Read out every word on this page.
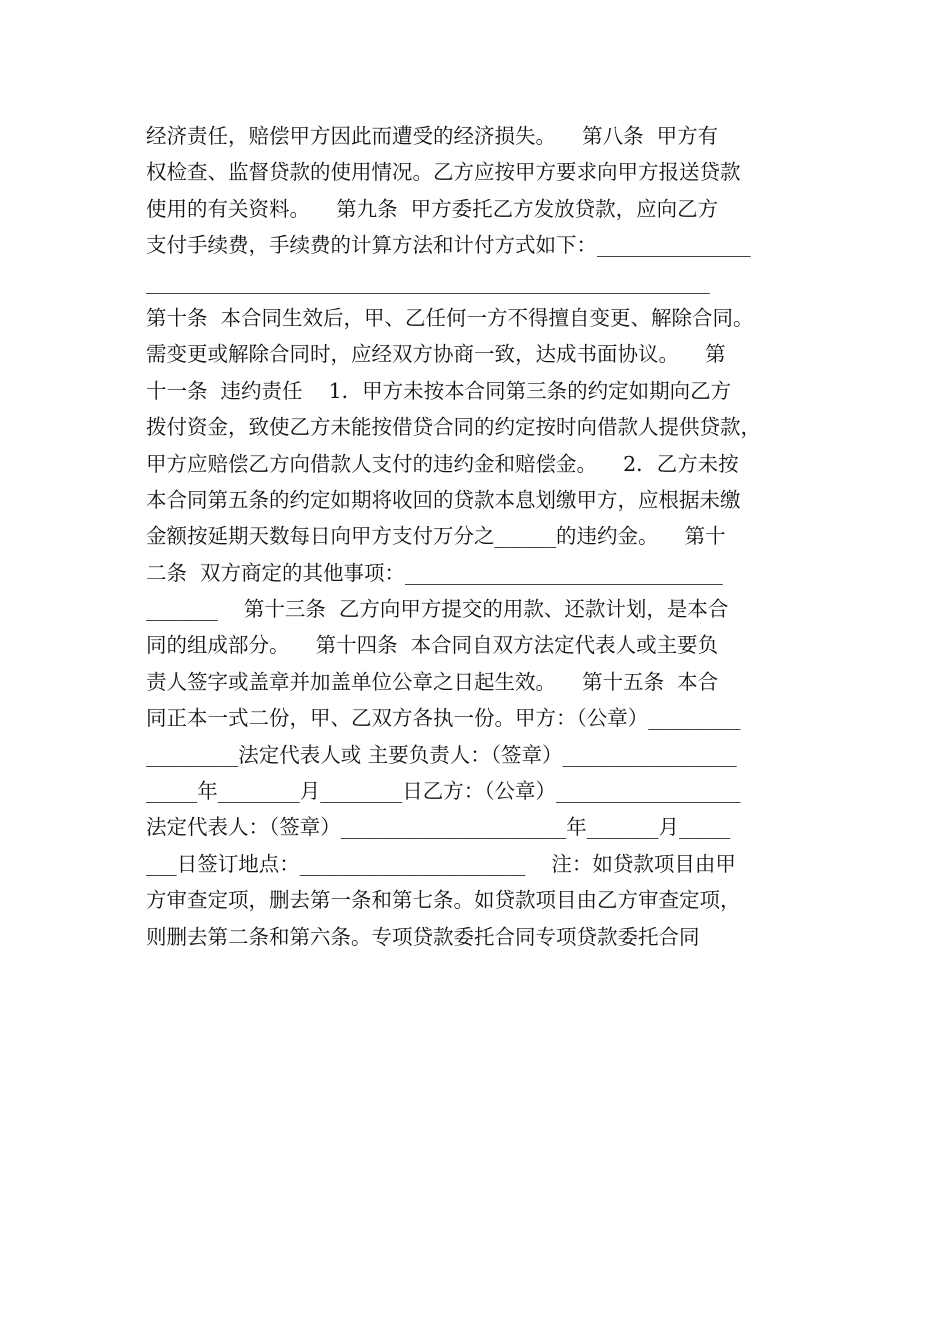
经济责任，赔偿甲方因此而遭受的经济损失。    第八条  甲方有
权检查、监督贷款的使用情况。乙方应按甲方要求向甲方报送贷款
使用的有关资料。    第九条  甲方委托乙方发放贷款，应向乙方
支付手续费，手续费的计算方法和计付方式如下：_______________
_______________________________________________________
第十条  本合同生效后，甲、乙任何一方不得擅自变更、解除合同。
需变更或解除合同时，应经双方协商一致，达成书面协议。    第
十一条  违约责任    1．甲方未按本合同第三条的约定如期向乙方
拨付资金，致使乙方未能按借贷合同的约定按时向借款人提供贷款，
甲方应赔偿乙方向借款人支付的违约金和赔偿金。    2．乙方未按
本合同第五条的约定如期将收回的贷款本息划缴甲方，应根据未缴
金额按延期天数每日向甲方支付万分之______的违约金。    第十
二条  双方商定的其他事项：_______________________________
_______    第十三条  乙方向甲方提交的用款、还款计划，是本合
同的组成部分。    第十四条  本合同自双方法定代表人或主要负
责人签字或盖章并加盖单位公章之日起生效。    第十五条  本合
同正本一式二份，甲、乙双方各执一份。甲方：（公章）_________
_________法定代表人或 主要负责人：（签章）_________________
_____年________月________日乙方：（公章）__________________
法定代表人：（签章）______________________年_______月_____
___日签订地点：______________________    注：如贷款项目由甲
方审查定项，删去第一条和第七条。如贷款项目由乙方审查定项，
则删去第二条和第六条。专项贷款委托合同专项贷款委托合同
